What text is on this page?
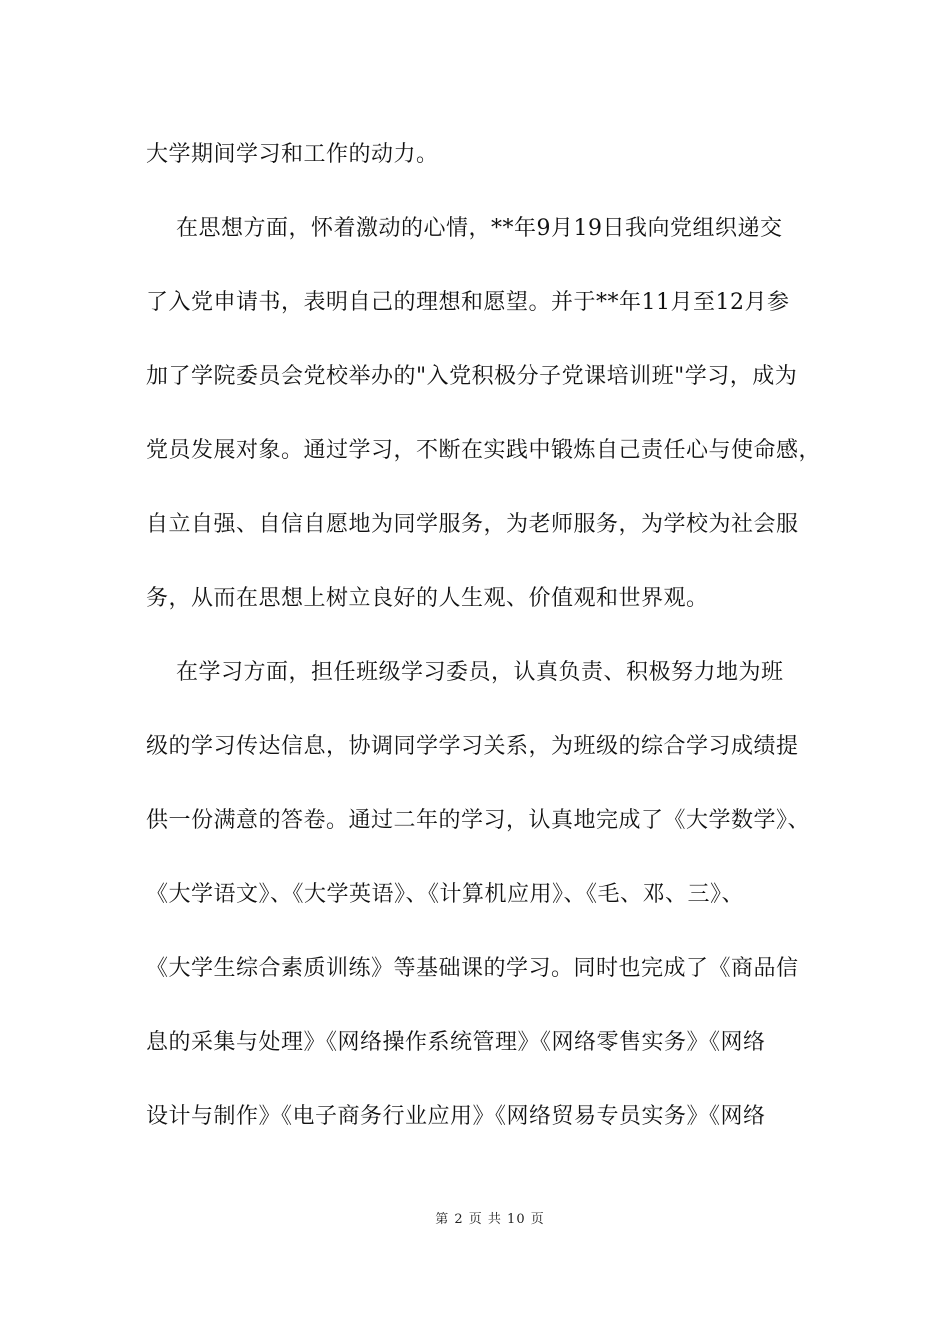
大学期间学习和工作的动力。
在思想方面，怀着激动的心情，**年9月19日我向党组织递交
了入党申请书，表明自己的理想和愿望。并于**年11月至12月参
加了学院委员会党校举办的"入党积极分子党课培训班"学习，成为
党员发展对象。通过学习，不断在实践中锻炼自己责任心与使命感，
自立自强、自信自愿地为同学服务，为老师服务，为学校为社会服
务，从而在思想上树立良好的人生观、价值观和世界观。
在学习方面，担任班级学习委员，认真负责、积极努力地为班
级的学习传达信息，协调同学学习关系，为班级的综合学习成绩提
供一份满意的答卷。通过二年的学习，认真地完成了《大学数学》、
《大学语文》、《大学英语》、《计算机应用》、《毛、邓、三》、
《大学生综合素质训练》等基础课的学习。同时也完成了《商品信
息的采集与处理》《网络操作系统管理》《网络零售实务》《网络
设计与制作》《电子商务行业应用》《网络贸易专员实务》《网络
第 2 页 共 10 页
